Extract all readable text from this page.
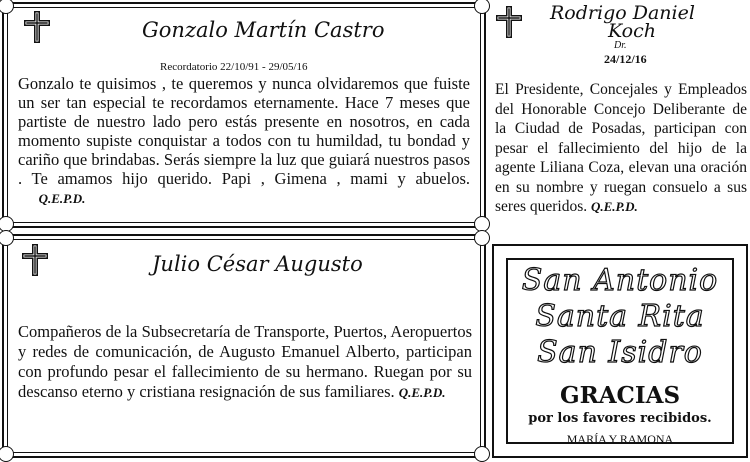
Gonzalo Martín Castro
Recordatorio 22/10/91 - 29/05/16
Gonzalo te quisimos , te queremos y nunca olvidaremos que fuiste un ser tan especial te recordamos eternamente. Hace 7 meses que partiste de nuestro lado pero estás presente en nosotros, en cada momento supiste conquistar a todos con tu humildad, tu bondad y cariño que brindabas. Serás siempre la luz que guiará nuestros pasos . Te amamos hijo querido. Papi , Gimena , mami y abuelos.      Q.E.P.D.
Rodrigo Daniel
Koch
Dr.
24/12/16
El Presidente, Concejales y Empleados del Honorable Concejo Deliberante de la Ciudad de Posadas, participan con pesar el fallecimiento del hijo de la agente Liliana Coza, elevan una oración en su nombre y ruegan consuelo a sus seres queridos. Q.E.P.D.
Julio César Augusto
Compañeros de la Subsecretaría de Transporte, Puertos, Aeropuertos y redes de comunicación, de Augusto Emanuel Alberto, participan con profundo pesar el fallecimiento de su hermano. Ruegan por su descanso eterno y cristiana resignación de sus familiares. Q.E.P.D.
San Antonio
Santa Rita
San Isidro
GRACIAS
por los favores recibidos.
MARÍA Y RAMONA
